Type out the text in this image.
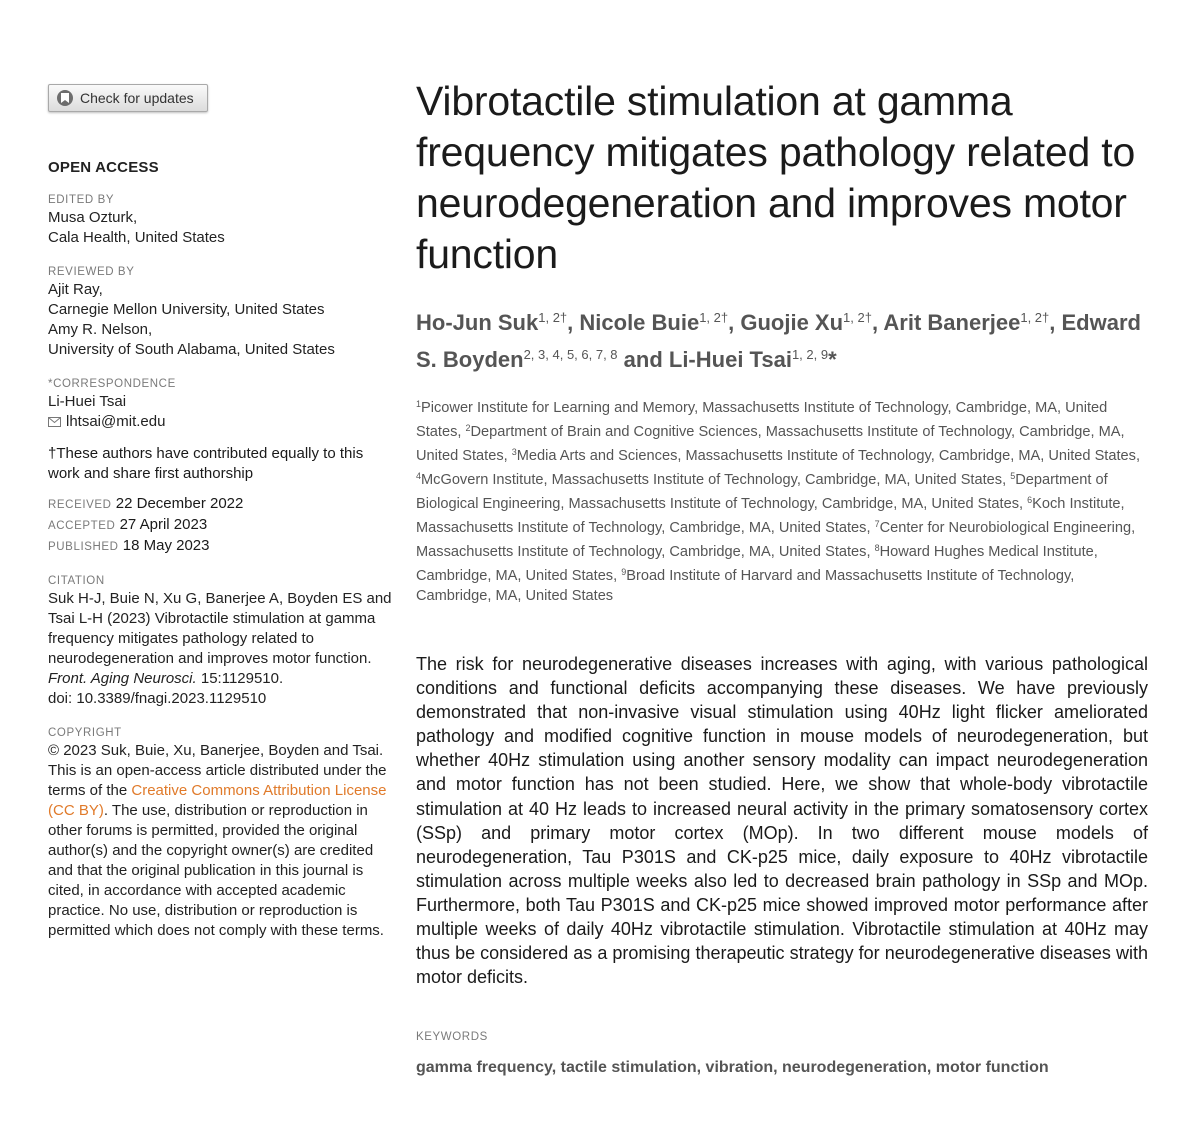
Check for updates
OPEN ACCESS
EDITED BY
Musa Ozturk,
Cala Health, United States
REVIEWED BY
Ajit Ray,
Carnegie Mellon University, United States
Amy R. Nelson,
University of South Alabama, United States
*CORRESPONDENCE
Li-Huei Tsai
lhtsai@mit.edu
†These authors have contributed equally to this work and share first authorship
RECEIVED 22 December 2022
ACCEPTED 27 April 2023
PUBLISHED 18 May 2023
CITATION
Suk H-J, Buie N, Xu G, Banerjee A, Boyden ES and Tsai L-H (2023) Vibrotactile stimulation at gamma frequency mitigates pathology related to neurodegeneration and improves motor function.
Front. Aging Neurosci. 15:1129510.
doi: 10.3389/fnagi.2023.1129510
COPYRIGHT
© 2023 Suk, Buie, Xu, Banerjee, Boyden and Tsai. This is an open-access article distributed under the terms of the Creative Commons Attribution License (CC BY). The use, distribution or reproduction in other forums is permitted, provided the original author(s) and the copyright owner(s) are credited and that the original publication in this journal is cited, in accordance with accepted academic practice. No use, distribution or reproduction is permitted which does not comply with these terms.
Vibrotactile stimulation at gamma frequency mitigates pathology related to neurodegeneration and improves motor function
Ho-Jun Suk$^{1, 2\dagger}$, Nicole Buie$^{1, 2\dagger}$, Guojie $Xu^{1, 2\dagger}$, Arit Banerjee$^{1, 2\dagger}$, Edward S. Boyden$^{2, 3, 4, 5, 6, 7, 8}$ and Li-Huei Tsai$^{1, 2, 9}$*
$^1$Picower Institute for Learning and Memory, Massachusetts Institute of Technology, Cambridge, MA, United States, $^2$Department of Brain and Cognitive Sciences, Massachusetts Institute of Technology, Cambridge, MA, United States, $^3$Media Arts and Sciences, Massachusetts Institute of Technology, Cambridge, MA, United States, $^4$McGovern Institute, Massachusetts Institute of Technology, Cambridge, MA, United States, $^5$Department of Biological Engineering, Massachusetts Institute of Technology, Cambridge, MA, United States, $^6$Koch Institute, Massachusetts Institute of Technology, Cambridge, MA, United States, $^7$Center for Neurobiological Engineering, Massachusetts Institute of Technology, Cambridge, MA, United States, $^8$Howard Hughes Medical Institute, Cambridge, MA, United States, $^9$Broad Institute of Harvard and Massachusetts Institute of Technology, Cambridge, MA, United States

The risk for neurodegenerative diseases increases with aging, with various pathological conditions and functional deficits accompanying these diseases. We have previously demonstrated that non-invasive visual stimulation using 40Hz light flicker ameliorated pathology and modified cognitive function in mouse models of neurodegeneration, but whether 40Hz stimulation using another sensory modality can impact neurodegeneration and motor function has not been studied. Here, we show that whole-body vibrotactile stimulation at 40 Hz leads to increased neural activity in the primary somatosensory cortex (SSp) and primary motor cortex (MOp). In two different mouse models of neurodegeneration, Tau P301S and CK-p25 mice, daily exposure to 40Hz vibrotactile stimulation across multiple weeks also led to decreased brain pathology in SSp and MOp. Furthermore, both Tau P301S and CK-p25 mice showed improved motor performance after multiple weeks of daily 40Hz vibrotactile stimulation. Vibrotactile stimulation at 40Hz may thus be considered as a promising therapeutic strategy for neurodegenerative diseases with motor deficits.

KEYWORDS
gamma frequency, tactile stimulation, vibration, neurodegeneration, motor function
